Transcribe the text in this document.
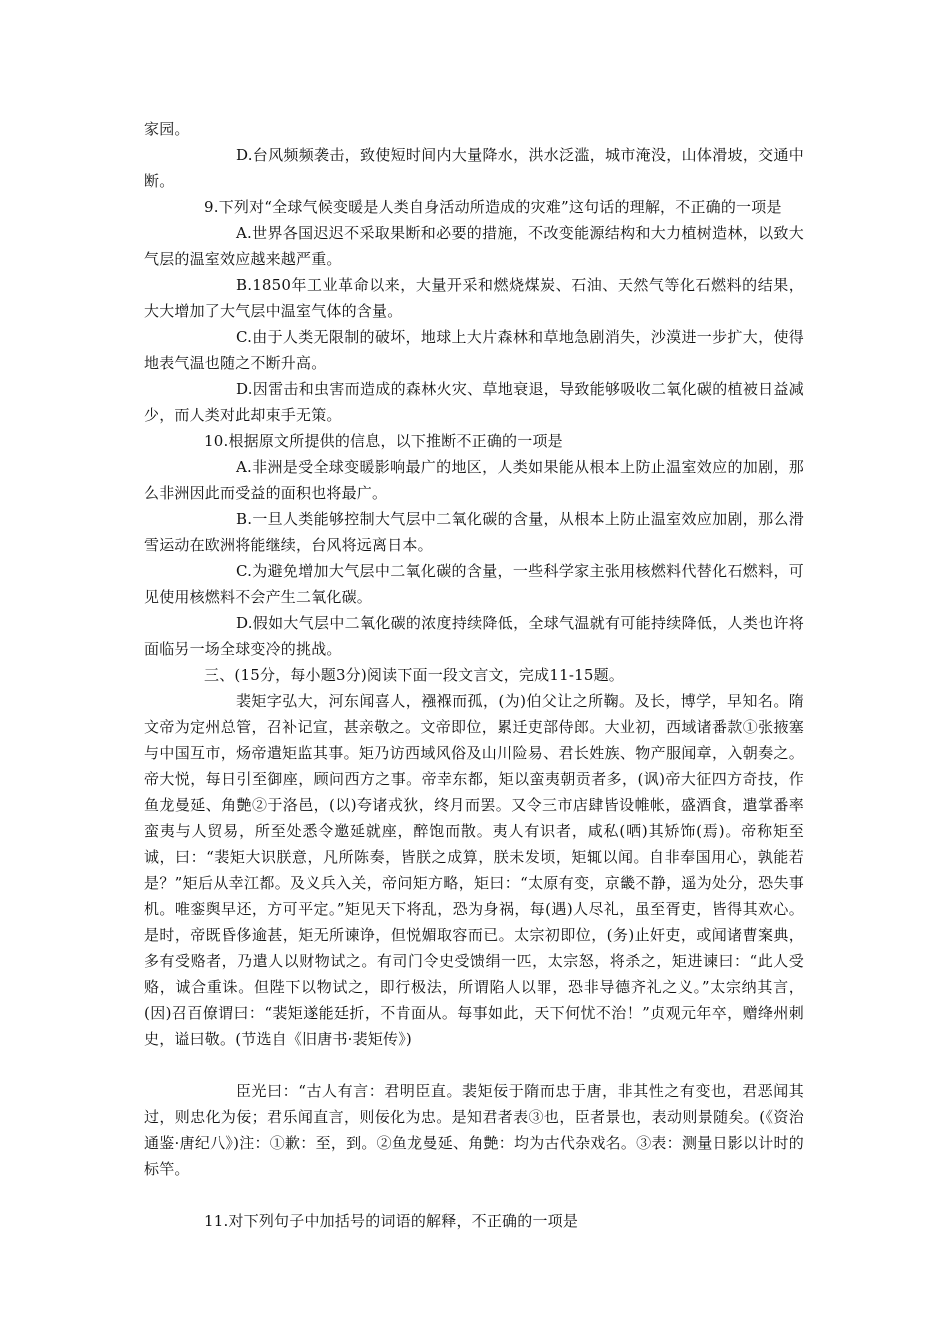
家园。

D.台风频频袭击，致使短时间内大量降水，洪水泛滥，城市淹没，山体滑坡，交通中断。

9.下列对“全球气候变暖是人类自身活动所造成的灾难”这句话的理解，不正确的一项是

A.世界各国迟迟不采取果断和必要的措施，不改变能源结构和大力植树造林，以致大气层的温室效应越来越严重。

B.1850年工业革命以来，大量开采和燃烧煤炭、石油、天然气等化石燃料的结果，大大增加了大气层中温室气体的含量。

C.由于人类无限制的破坏，地球上大片森林和草地急剧消失，沙漠进一步扩大，使得地表气温也随之不断升高。

D.因雷击和虫害而造成的森林火灾、草地衰退，导致能够吸收二氧化碳的植被日益减少，而人类对此却束手无策。

10.根据原文所提供的信息，以下推断不正确的一项是

A.非洲是受全球变暖影响最广的地区，人类如果能从根本上防止温室效应的加剧，那么非洲因此而受益的面积也将最广。

B.一旦人类能够控制大气层中二氧化碳的含量，从根本上防止温室效应加剧，那么滑雪运动在欧洲将能继续，台风将远离日本。

C.为避免增加大气层中二氧化碳的含量，一些科学家主张用核燃料代替化石燃料，可见使用核燃料不会产生二氧化碳。

D.假如大气层中二氧化碳的浓度持续降低，全球气温就有可能持续降低，人类也许将面临另一场全球变冷的挑战。

三、(15分，每小题3分)阅读下面一段文言文，完成11-15题。

裴矩字弘大，河东闻喜人，襁褓而孤，(为)伯父让之所鞠。及长，博学，早知名。隋文帝为定州总管，召补记宣，甚亲敬之。文帝即位，累迁吏部侍郎。大业初，西域诸番款①张掖塞与中国互市，炀帝遣矩监其事。矩乃访西域风俗及山川险易、君长姓族、物产服闻章，入朝奏之。帝大悦，每日引至御座，顾问西方之事。帝幸东都，矩以蛮夷朝贡者多，(讽)帝大征四方奇技，作鱼龙曼延、角艶②于洛邑，(以)夸诸戎狄，终月而罢。又令三市店肆皆设帷帐，盛酒食，遣掌番率蛮夷与人贸易，所至处悉令邀延就座，醉饱而散。夷人有识者，咸私(哂)其矫饰(焉)。帝称矩至诚，曰：“裴矩大识朕意，凡所陈奏，皆朕之成算，朕未发顷，矩辄以闻。自非奉国用心，孰能若是？”矩后从幸江都。及义兵入关，帝问矩方略，矩曰：“太原有变，京畿不静，遥为处分，恐失事机。唯銮舆早还，方可平定。”矩见天下将乱，恐为身祸，每(遇)人尽礼，虽至胥吏，皆得其欢心。是时，帝既昏侈逾甚，矩无所谏诤，但悦媚取容而已。太宗初即位，(务)止奸吏，或闻诸曹案典，多有受赂者，乃遣人以财物试之。有司门令史受馈绢一匹，太宗怒，将杀之，矩进谏曰：“此人受赂，诚合重诛。但陛下以物试之，即行极法，所谓陷人以罪，恐非导德齐礼之义。”太宗纳其言，(因)召百僚谓曰：“裴矩遂能廷折，不肯面从。每事如此，天下何忧不治！”贞观元年卒，赠绛州刺史，谥曰敬。(节选自《旧唐书·裴矩传》)

臣光曰：“古人有言：君明臣直。裴矩佞于隋而忠于唐，非其性之有变也，君恶闻其过，则忠化为佞；君乐闻直言，则佞化为忠。是知君者表③也，臣者景也，表动则景随矣。(《资治通鉴·唐纪八》)注：①歉：至，到。②鱼龙曼延、角艶：均为古代杂戏名。③表：测量日影以计时的标竿。

11.对下列句子中加括号的词语的解释，不正确的一项是
